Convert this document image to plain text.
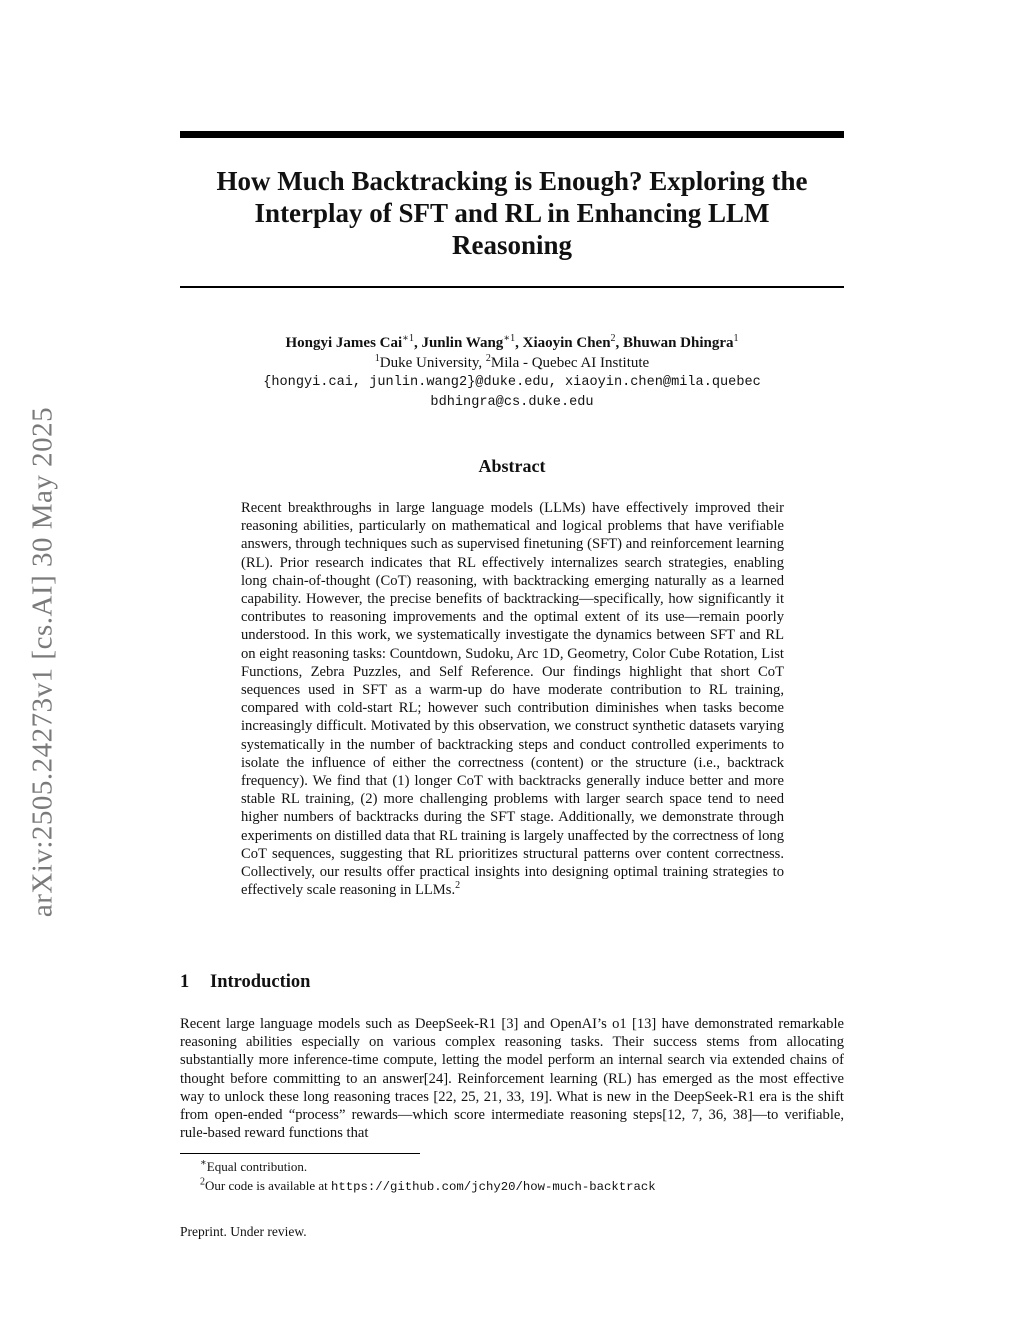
arXiv:2505.24273v1 [cs.AI] 30 May 2025
How Much Backtracking is Enough? Exploring the
Interplay of SFT and RL in Enhancing LLM
Reasoning
Hongyi James Cai$^{∗1}$, Junlin Wang$^{∗1}$, Xiaoyin Chen$^2$, Bhuwan Dhingra$^1$
$^1$Duke University, $^2$Mila - Quebec AI Institute
{hongyi.cai, junlin.wang2}@duke.edu, xiaoyin.chen@mila.quebec
bdhingra@cs.duke.edu
Abstract

Recent breakthroughs in large language models (LLMs) have effectively improved their reasoning abilities, particularly on mathematical and logical problems that have verifiable answers, through techniques such as supervised finetuning (SFT) and reinforcement learning (RL). Prior research indicates that RL effectively internalizes search strategies, enabling long chain-of-thought (CoT) reasoning, with backtracking emerging naturally as a learned capability. However, the precise benefits of backtracking—specifically, how significantly it contributes to reasoning improvements and the optimal extent of its use—remain poorly understood. In this work, we systematically investigate the dynamics between SFT and RL on eight reasoning tasks: Countdown, Sudoku, Arc 1D, Geometry, Color Cube Rotation, List Functions, Zebra Puzzles, and Self Reference. Our findings highlight that short CoT sequences used in SFT as a warm-up do have moderate contribution to RL training, compared with cold-start RL; however such contribution diminishes when tasks become increasingly difficult. Motivated by this observation, we construct synthetic datasets varying systematically in the number of backtracking steps and conduct controlled experiments to isolate the influence of either the correctness (content) or the structure (i.e., backtrack frequency). We find that (1) longer CoT with backtracks generally induce better and more stable RL training, (2) more challenging problems with larger search space tend to need higher numbers of backtracks during the SFT stage. Additionally, we demonstrate through experiments on distilled data that RL training is largely unaffected by the correctness of long CoT sequences, suggesting that RL prioritizes structural patterns over content correctness. Collectively, our results offer practical insights into designing optimal training strategies to effectively scale reasoning in LLMs.$^2$

1 Introduction

Recent large language models such as DeepSeek-R1 [3] and OpenAI’s o1 [13] have demonstrated remarkable reasoning abilities especially on various complex reasoning tasks. Their success stems from allocating substantially more inference-time compute, letting the model perform an internal search via extended chains of thought before committing to an answer[24]. Reinforcement learning (RL) has emerged as the most effective way to unlock these long reasoning traces [22, 25, 21, 33, 19]. What is new in the DeepSeek-R1 era is the shift from open-ended “process” rewards—which score intermediate reasoning steps[12, 7, 36, 38]—to verifiable, rule-based reward functions that

∗Equal contribution.
$^2$Our code is available at https://github.com/jchy20/how-much-backtrack
Preprint. Under review.
